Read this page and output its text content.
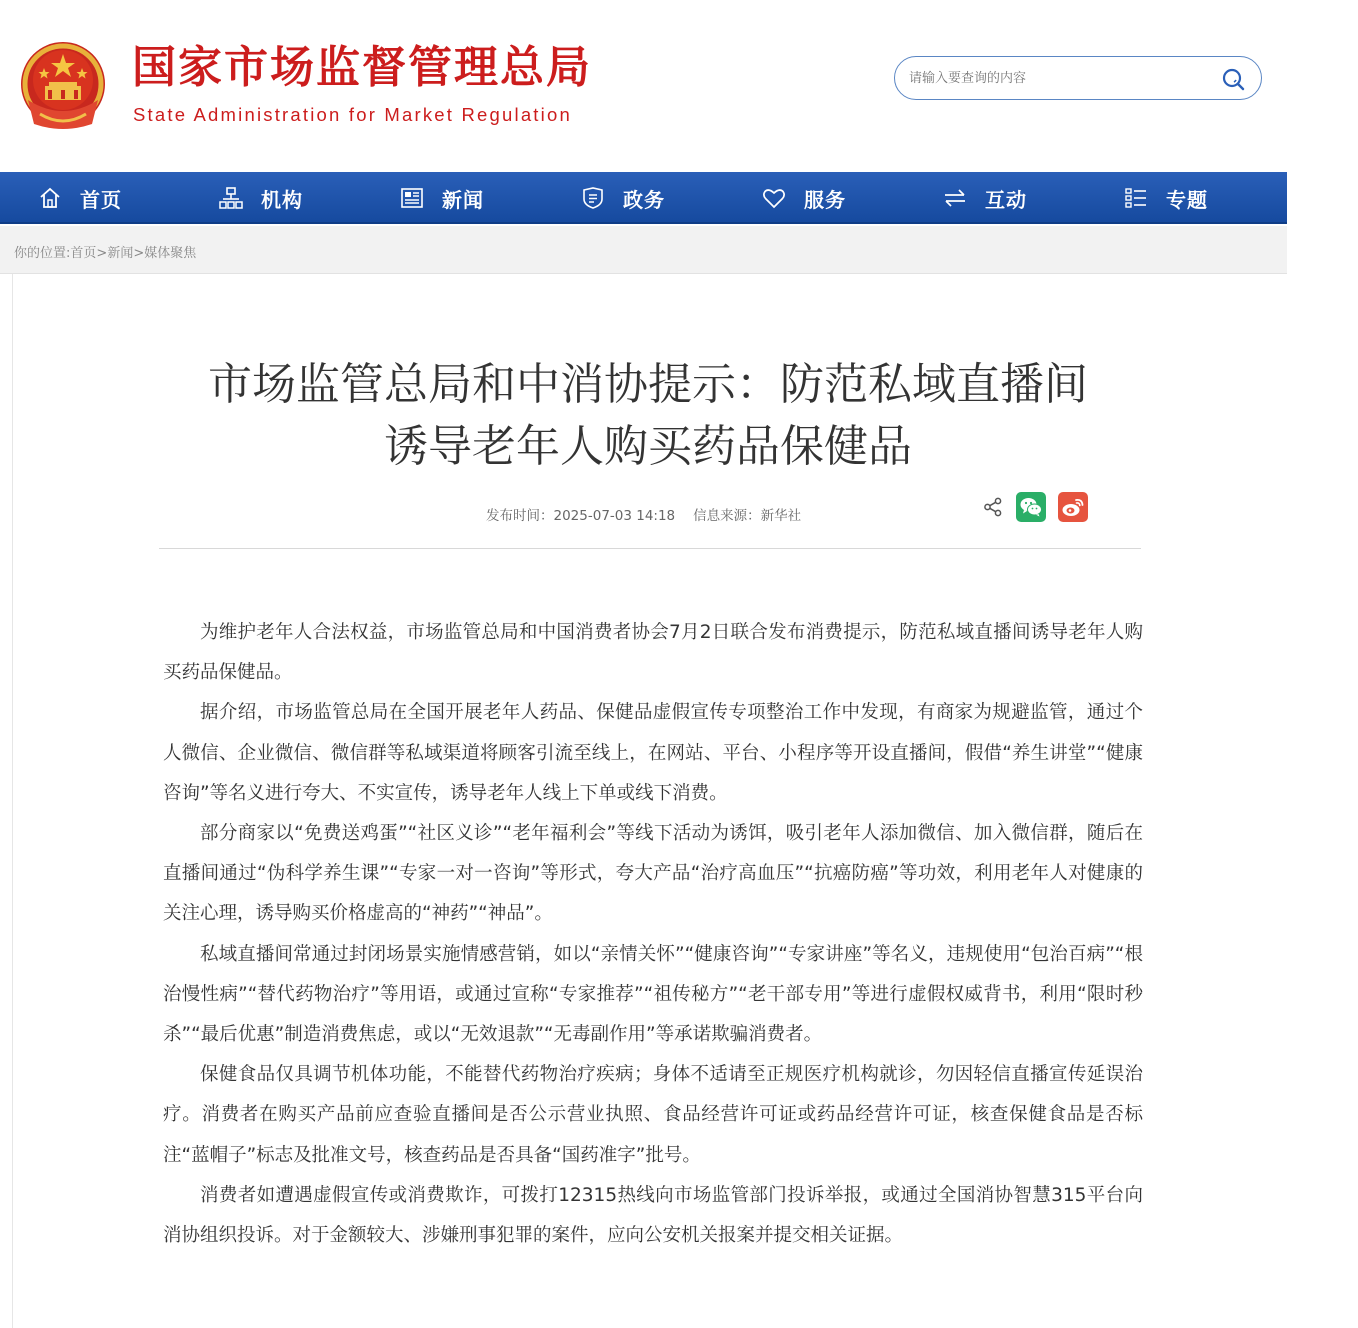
国家市场监督管理总局
State Administration for Market Regulation
请输入要查询的内容
首页	机构	新闻	政务	服务	互动	专题
你的位置:首页>新闻>媒体聚焦
市场监管总局和中消协提示：防范私域直播间
诱导老年人购买药品保健品
发布时间：2025-07-03 14:18 信息来源：新华社

为维护老年人合法权益，市场监管总局和中国消费者协会7月2日联合发布消费提示，防范私域直播间诱导老年人购买药品保健品。

据介绍，市场监管总局在全国开展老年人药品、保健品虚假宣传专项整治工作中发现，有商家为规避监管，通过个人微信、企业微信、微信群等私域渠道将顾客引流至线上，在网站、平台、小程序等开设直播间，假借“养生讲堂”“健康咨询”等名义进行夸大、不实宣传，诱导老年人线上下单或线下消费。

部分商家以“免费送鸡蛋”“社区义诊”“老年福利会”等线下活动为诱饵，吸引老年人添加微信、加入微信群，随后在直播间通过“伪科学养生课”“专家一对一咨询”等形式，夸大产品“治疗高血压”“抗癌防癌”等功效，利用老年人对健康的关注心理，诱导购买价格虚高的“神药”“神品”。

私域直播间常通过封闭场景实施情感营销，如以“亲情关怀”“健康咨询”“专家讲座”等名义，违规使用“包治百病”“根治慢性病”“替代药物治疗”等用语，或通过宣称“专家推荐”“祖传秘方”“老干部专用”等进行虚假权威背书，利用“限时秒杀”“最后优惠”制造消费焦虑，或以“无效退款”“无毒副作用”等承诺欺骗消费者。

保健食品仅具调节机体功能，不能替代药物治疗疾病；身体不适请至正规医疗机构就诊，勿因轻信直播宣传延误治疗。消费者在购买产品前应查验直播间是否公示营业执照、食品经营许可证或药品经营许可证，核查保健食品是否标注“蓝帽子”标志及批准文号，核查药品是否具备“国药准字”批号。

消费者如遭遇虚假宣传或消费欺诈，可拨打12315热线向市场监管部门投诉举报，或通过全国消协智慧315平台向消协组织投诉。对于金额较大、涉嫌刑事犯罪的案件，应向公安机关报案并提交相关证据。
